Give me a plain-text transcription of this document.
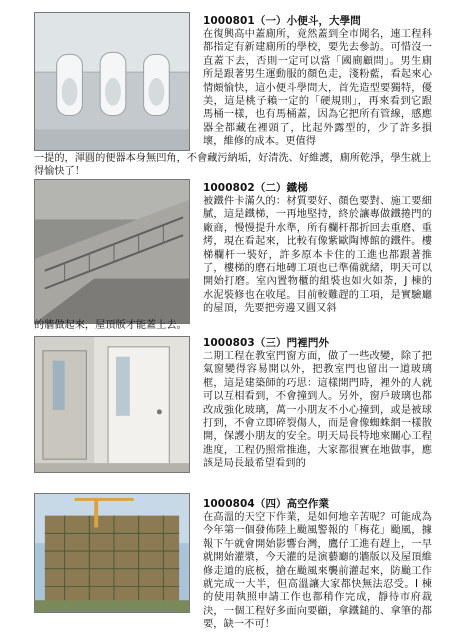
1000801（一）小便斗，大學問
在復興高中蓋廁所，竟然蓋到全市聞名，連工程科都指定有新建廁所的學校，要先去參訪。可惜沒一直蓋下去，否則一定可以當「國廁顧問」。男生廁所是跟著男生運動服的顏色走，淺粉藍，看起來心情頗愉快，這小便斗學問大，首先造型要獨特，優美，這是桃子賴一定的「硬規則」，再來看到它跟馬桶一樣，也有馬桶蓋，因為它把所有管線，感應器全都藏在裡頭了，比起外露型的，少了許多損壞，維修的成本。更值得
一提的，渾圓的便器本身無凹角，不會藏污納垢，好清洗、好維護，廁所乾淨，學生就上得愉快了！
1000802（二）鐵梯
被鐵件卡滿久的：材質要好、顏色要對、施工要細膩，這是鐵梯，一再地堅持，終於讓專做鐵捲門的廠商，慢慢提升水準，所有欄杆都折回去重磨、重烤，現在看起來，比較有像紫歐陶博館的鐵件。樓梯欄杆一裝好，許多原本卡住的工進也都跟著推了，樓梯的磨石地磚工項也已準備就緒，明天可以開始打磨。室內置物櫃的組裝也如火如荼，J 棟的水泥裝修也在收尾。目前較難趕的工項，是實驗廳的屋頂，先要把旁邊又圓又斜
的牆做起來，屋頂版才能蓋上去。
1000803（三）門裡門外
二期工程在教室門窗方面，做了一些改變，除了把氣窗變得容易開以外，把教室門也留出一道玻璃框，這是建築師的巧思：這樣開門時，裡外的人就可以互相看到，不會撞到人。另外，窗戶玻璃也都改成強化玻璃，萬一小朋友不小心撞到，或是被球打到，不會立即碎裂傷人，而是會像蜘蛛網一樣散開，保護小朋友的安全。明天局長特地來關心工程進度，工程仍照常推進，大家都很實在地做事，應該是局長最希望看到的
1000804（四）高空作業
在高溫的天空下作業，是如何地辛苦呢？可能成為今年第一個發佈陸上颱風警報的「梅花」颱風，據報下午就會開始影響台灣，鷹仔工進有趕上，一早就開始灌漿，今天灌的是演藝廳的牆版以及屋頂維修走道的底板，搶在颱風來襲前灌起來，防颱工作就完成一大半，但高溫讓大家都快無法忍受。I 棟的使用執照申請工作也都稍作完成，靜待市府裁決，一個工程好多面向要顧，拿鐵鎚的、拿筆的都要，缺一不可！
